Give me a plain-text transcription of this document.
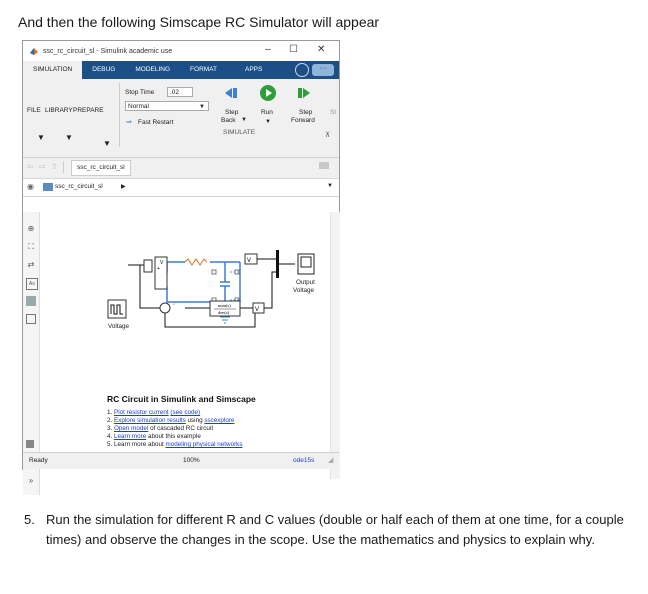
And then the following Simscape RC Simulator will appear
ssc_rc_circuit_sl - Simulink academic use	– ☐ ✕
SIMULATION	DEBUG	MODELING	FORMAT	APPS	···
FILE LIBRARY PREPARE
▼	▼
▼
Stop Time	.02
Normal	▼
⇒ Fast Restart
Step
Back ▼
Run
▼
Step
Forward
St
SIMULATE	⊼
⇦ ⇨ ⇧	ssc_rc_circuit_sl
◉	ssc_rc_circuit_sl	▶	▼
⊕
⛶
⇄
A≡
»
+
V
V
num(s)
den(s)	V
S
Voltage
Output
Voltage
RC Circuit in Simulink and Simscape
1. Plot resistor current (see code)
2. Explore simulation results using sscexplore
3. Open model of cascaded RC circuit
4. Learn more about this example
5. Learn more about modeling physical networks
Ready	100%	ode15s ◢
5. Run the simulation for different R and C values (double or half each of them at one time, for a couple times) and observe the changes in the scope. Use the mathematics and physics to explain why.
